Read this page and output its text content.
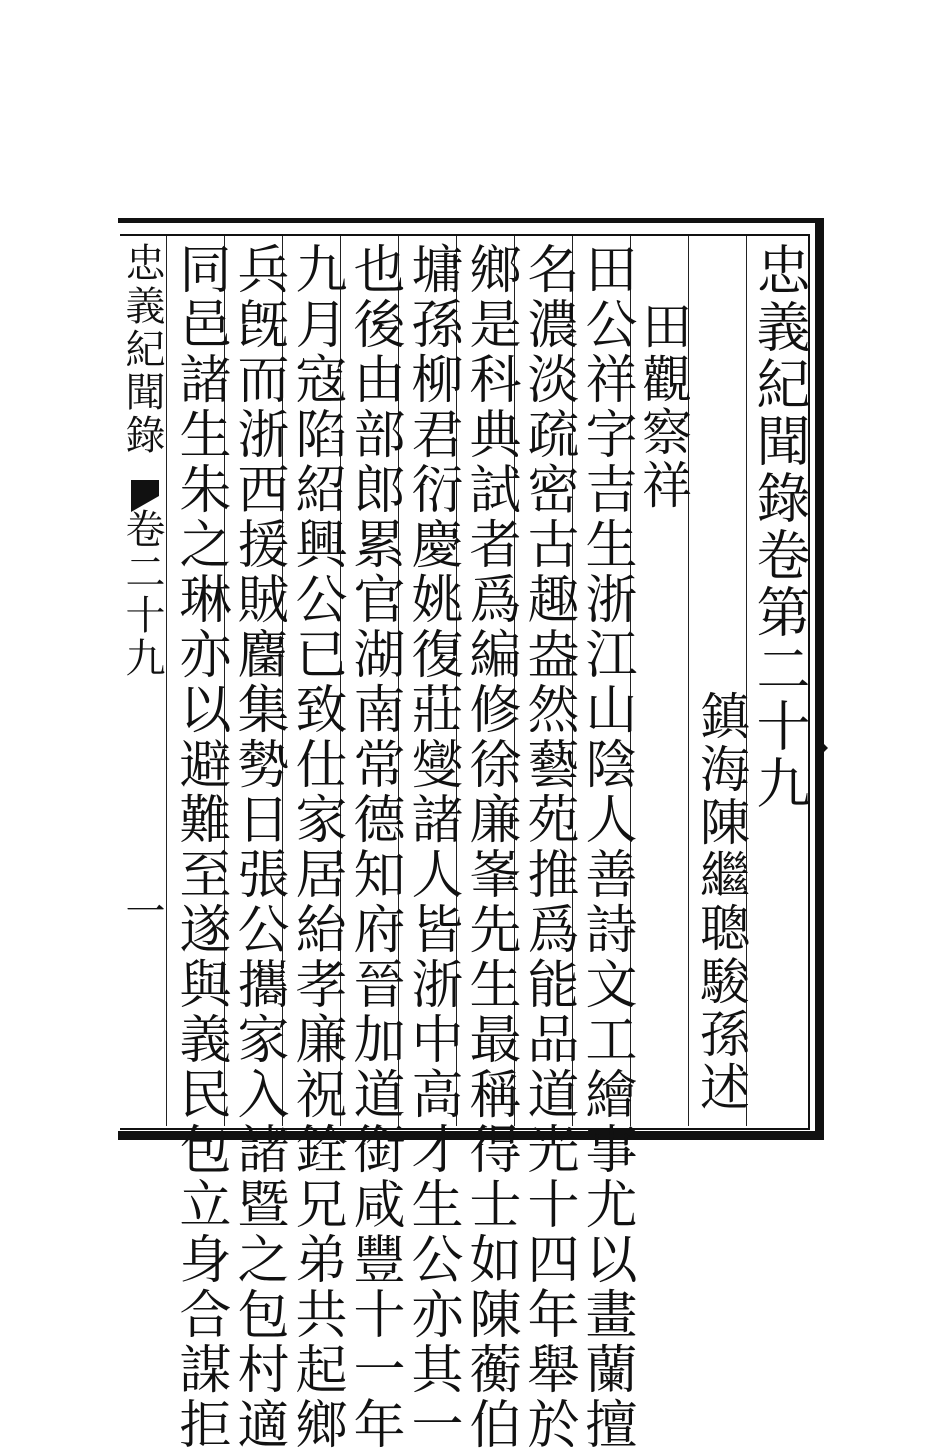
忠義紀聞錄卷第二十九
鎮海陳繼聰駿孫述
田觀察祥
田公祥字吉生浙江山陰人善詩文工繪事尤以畫蘭擅
名濃淡疏密古趣盎然藝苑推爲能品道光十四年舉於
鄉是科典試者爲編修徐廉峯先生最稱得士如陳蘅伯
墉孫柳君衍慶姚復莊燮諸人皆浙中高才生公亦其一
也後由部郎累官湖南常德知府晉加道銜咸豐十一年
九月寇陷紹興公已致仕家居紿孝廉祝銓兄弟共起鄉
兵旣而浙西援賊麕集勢日張公攜家入諸暨之包村適
同邑諸生朱之琳亦以避難至遂與義民包立身合謀拒
忠義紀聞錄
卷二十九
一
